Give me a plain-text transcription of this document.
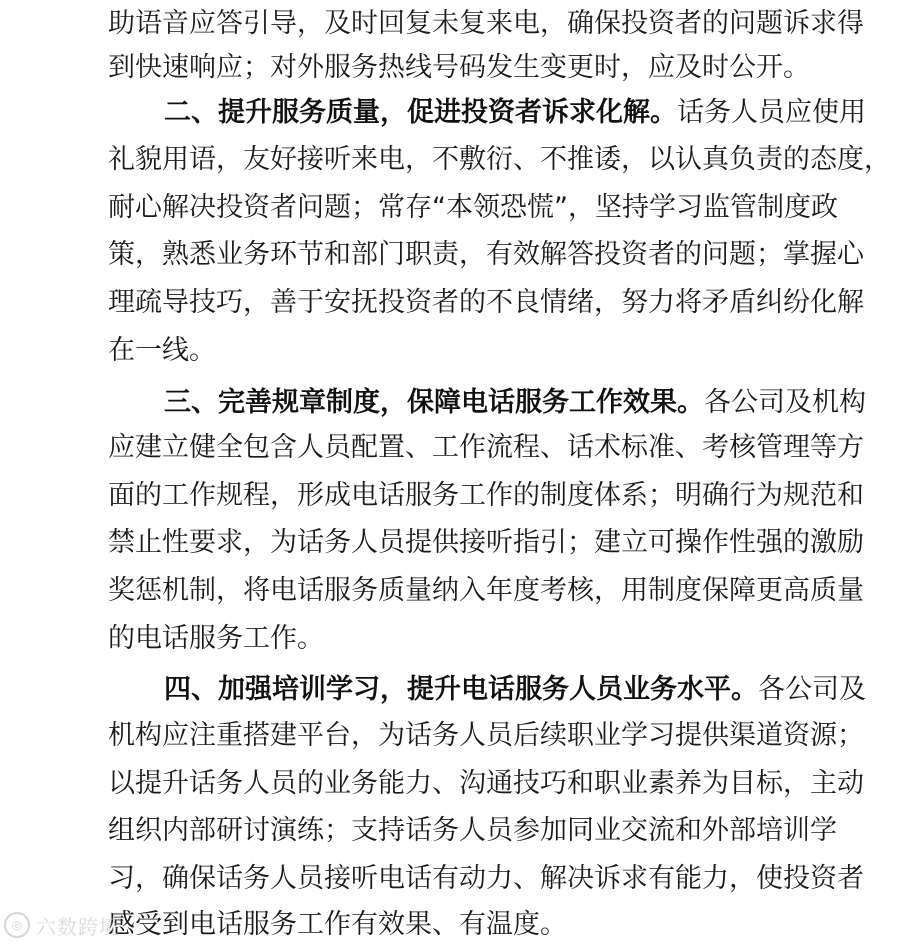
助语音应答引导，及时回复未复来电，确保投资者的问题诉求得
到快速响应；对外服务热线号码发生变更时，应及时公开。
二、提升服务质量，促进投资者诉求化解。话务人员应使用
礼貌用语，友好接听来电，不敷衍、不推诿，以认真负责的态度，
耐心解决投资者问题；常存“本领恐慌”，坚持学习监管制度政
策，熟悉业务环节和部门职责，有效解答投资者的问题；掌握心
理疏导技巧，善于安抚投资者的不良情绪，努力将矛盾纠纷化解
在一线。
三、完善规章制度，保障电话服务工作效果。各公司及机构
应建立健全包含人员配置、工作流程、话术标准、考核管理等方
面的工作规程，形成电话服务工作的制度体系；明确行为规范和
禁止性要求，为话务人员提供接听指引；建立可操作性强的激励
奖惩机制，将电话服务质量纳入年度考核，用制度保障更高质量
的电话服务工作。
四、加强培训学习，提升电话服务人员业务水平。各公司及
机构应注重搭建平台，为话务人员后续职业学习提供渠道资源；
以提升话务人员的业务能力、沟通技巧和职业素养为目标，主动
组织内部研讨演练；支持话务人员参加同业交流和外部培训学
习，确保话务人员接听电话有动力、解决诉求有能力，使投资者
感受到电话服务工作有效果、有温度。
◎ 六数跨境
